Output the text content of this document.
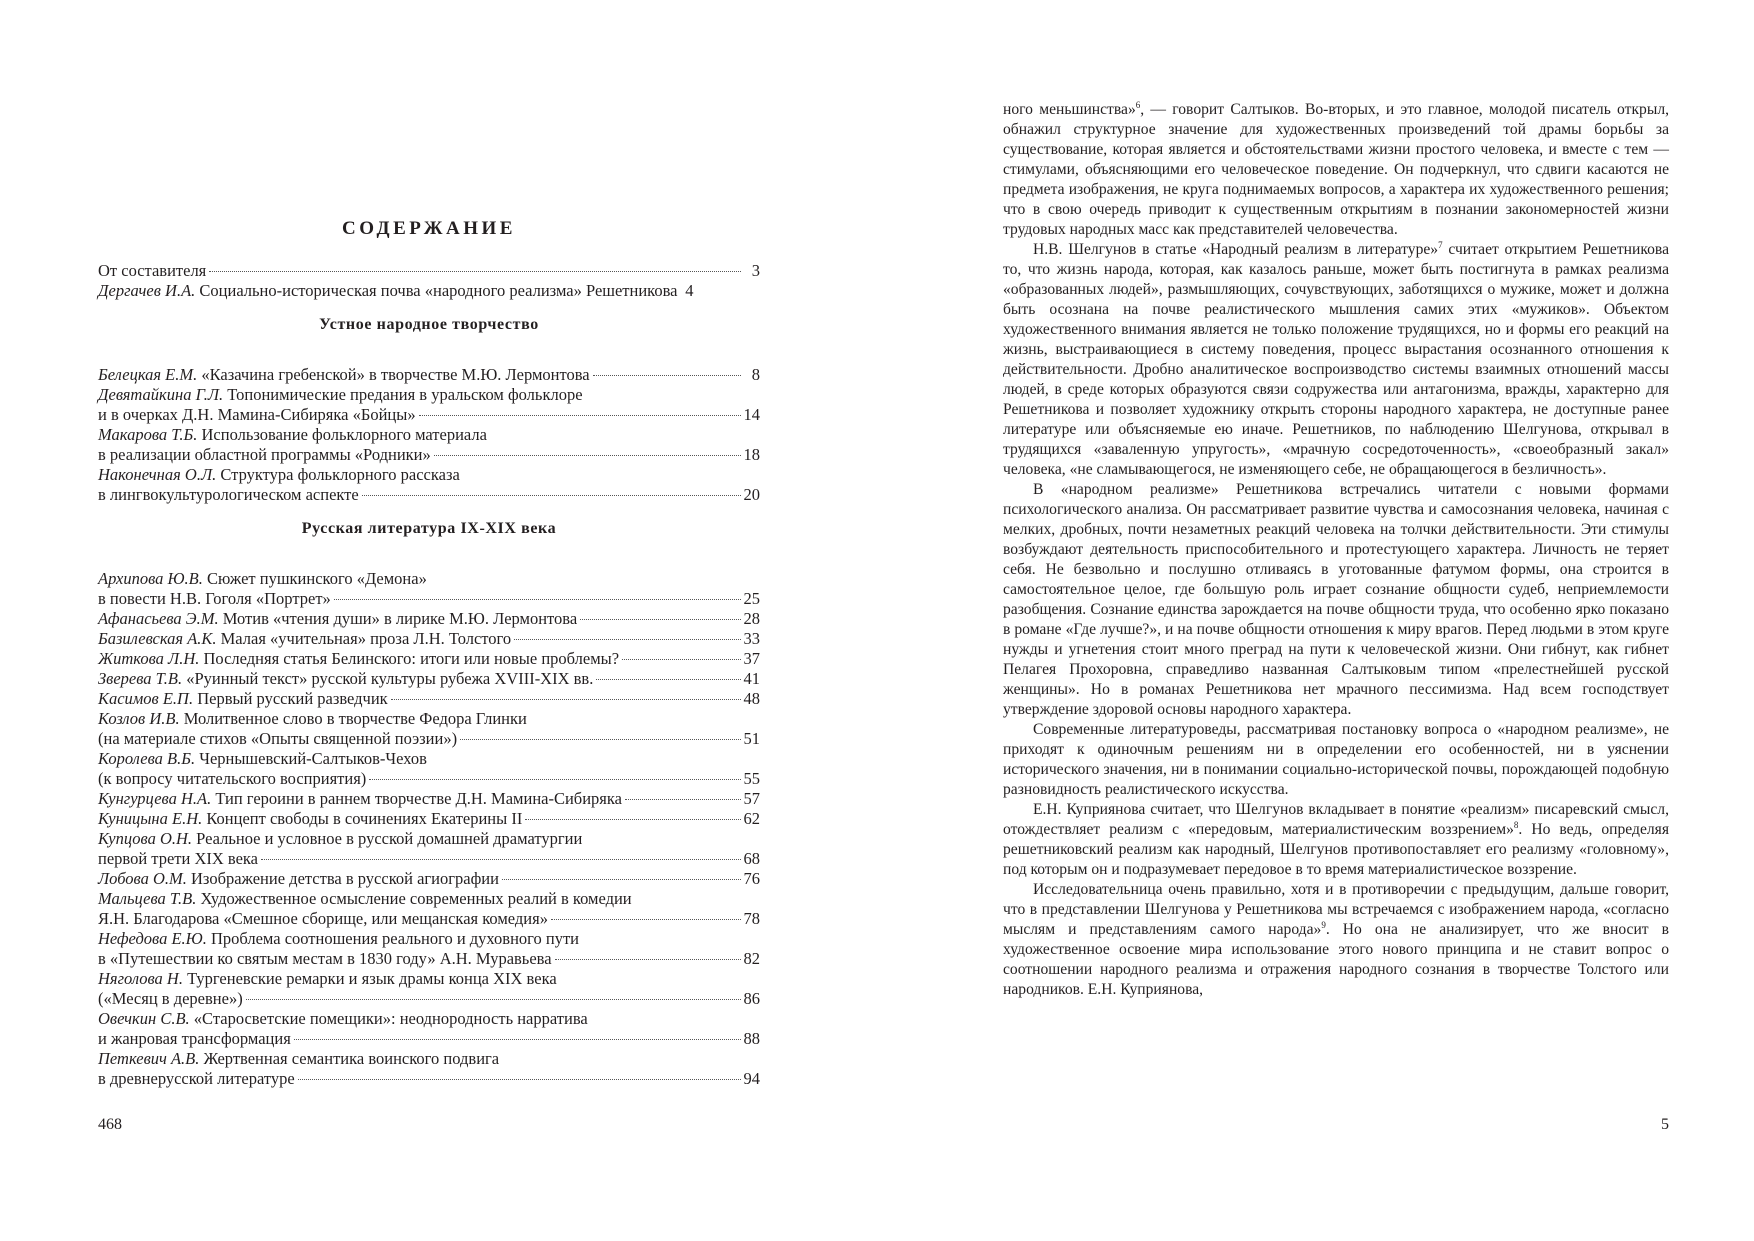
СОДЕРЖАНИЕ
От составителя	3
Дергачев И.А. Социально-историческая почва «народного реализма» Решетникова 4
Устное народное творчество
Белецкая Е.М. «Казачина гребенской» в творчестве М.Ю. Лермонтова	8
Девятайкина Г.Л. Топонимические предания в уральском фольклоре
и в очерках Д.Н. Мамина-Сибиряка «Бойцы»	14
Макарова Т.Б. Использование фольклорного материала
в реализации областной программы «Родники»	18
Наконечная О.Л. Структура фольклорного рассказа
в лингвокультурологическом аспекте	20
Русская литература IX-XIX века
Архипова Ю.В. Сюжет пушкинского «Демона»
в повести Н.В. Гоголя «Портрет»	25
Афанасьева Э.М. Мотив «чтения души» в лирике М.Ю. Лермонтова	28
Базилевская А.К. Малая «учительная» проза Л.Н. Толстого	33
Житкова Л.Н. Последняя статья Белинского: итоги или новые проблемы?	37
Зверева Т.В. «Руинный текст» русской культуры рубежа XVIII-XIX вв.	41
Касимов Е.П. Первый русский разведчик	48
Козлов И.В. Молитвенное слово в творчестве Федора Глинки
(на материале стихов «Опыты священной поэзии»)	51
Королева В.Б. Чернышевский-Салтыков-Чехов
(к вопросу читательского восприятия)	55
Кунгурцева Н.А. Тип героини в раннем творчестве Д.Н. Мамина-Сибиряка	57
Куницына Е.Н. Концепт свободы в сочинениях Екатерины II	62
Купцова О.Н. Реальное и условное в русской домашней драматургии
первой трети XIX века	68
Лобова О.М. Изображение детства в русской агиографии	76
Мальцева Т.В. Художественное осмысление современных реалий в комедии
Я.Н. Благодарова «Смешное сборище, или мещанская комедия»	78
Нефедова Е.Ю. Проблема соотношения реального и духовного пути
в «Путешествии ко святым местам в 1830 году» А.Н. Муравьева	82
Няголова Н. Тургеневские ремарки и язык драмы конца XIX века
(«Месяц в деревне»)	86
Овечкин С.В. «Старосветские помещики»: неоднородность нарратива
и жанровая трансформация	88
Петкевич А.В. Жертвенная семантика воинского подвига
в древнерусской литературе	94
468

ного меньшинства»$^6$, — говорит Салтыков. Во-вторых, и это главное, молодой писатель открыл, обнажил структурное значение для художественных произведений той драмы борьбы за существование, которая является и обстоятельствами жизни простого человека, и вместе с тем — стимулами, объясняющими его человеческое поведение. Он подчеркнул, что сдвиги касаются не предмета изображения, не круга поднимаемых вопросов, а характера их художественного решения; что в свою очередь приводит к существенным открытиям в познании закономерностей жизни трудовых народных масс как представителей человечества.

Н.В. Шелгунов в статье «Народный реализм в литературе»$^7$ считает открытием Решетникова то, что жизнь народа, которая, как казалось раньше, может быть постигнута в рамках реализма «образованных людей», размышляющих, сочувствующих, заботящихся о мужике, может и должна быть осознана на почве реалистического мышления самих этих «мужиков». Объектом художественного внимания является не только положение трудящихся, но и формы его реакций на жизнь, выстраивающиеся в систему поведения, процесс вырастания осознанного отношения к действительности. Дробно аналитическое воспроизводство системы взаимных отношений массы людей, в среде которых образуются связи содружества или антагонизма, вражды, характерно для Решетникова и позволяет художнику открыть стороны народного характера, не доступные ранее литературе или объясняемые ею иначе. Решетников, по наблюдению Шелгунова, открывал в трудящихся «заваленную упругость», «мрачную сосредоточенность», «своеобразный закал» человека, «не сламывающегося, не изменяющего себе, не обращающегося в безличность».

В «народном реализме» Решетникова встречались читатели с новыми формами психологического анализа. Он рассматривает развитие чувства и самосознания человека, начиная с мелких, дробных, почти незаметных реакций человека на толчки действительности. Эти стимулы возбуждают деятельность приспособительного и протестующего характера. Личность не теряет себя. Не безвольно и послушно отливаясь в уготованные фатумом формы, она строится в самостоятельное целое, где большую роль играет сознание общности судеб, неприемлемости разобщения. Сознание единства зарождается на почве общности труда, что особенно ярко показано в романе «Где лучше?», и на почве общности отношения к миру врагов. Перед людьми в этом круге нужды и угнетения стоит много преград на пути к человеческой жизни. Они гибнут, как гибнет Пелагея Прохоровна, справедливо названная Салтыковым типом «прелестнейшей русской женщины». Но в романах Решетникова нет мрачного пессимизма. Над всем господствует утверждение здоровой основы народного характера.

Современные литературоведы, рассматривая постановку вопроса о «народном реализме», не приходят к одиночным решениям ни в определении его особенностей, ни в уяснении исторического значения, ни в понимании социально-исторической почвы, порождающей подобную разновидность реалистического искусства.

Е.Н. Куприянова считает, что Шелгунов вкладывает в понятие «реализм» писаревский смысл, отождествляет реализм с «передовым, материалистическим воззрением»$^8$. Но ведь, определяя решетниковский реализм как народный, Шелгунов противопоставляет его реализму «головному», под которым он и подразумевает передовое в то время материалистическое воззрение.

Исследовательница очень правильно, хотя и в противоречии с предыдущим, дальше говорит, что в представлении Шелгунова у Решетникова мы встречаемся с изображением народа, «согласно мыслям и представлениям самого народа»$^9$. Но она не анализирует, что же вносит в художественное освоение мира использование этого нового принципа и не ставит вопрос о соотношении народного реализма и отражения народного сознания в творчестве Толстого или народников. Е.Н. Куприянова,

5
